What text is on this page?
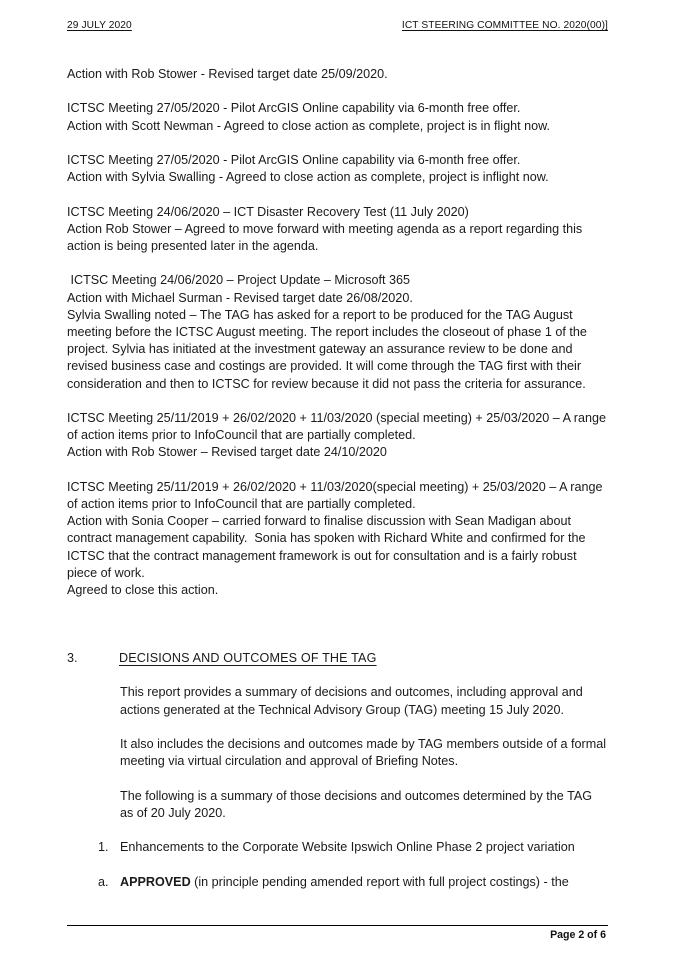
29 JULY 2020	ICT STEERING COMMITTEE NO. 2020(00)]

Action with Rob Stower - Revised target date 25/09/2020.

ICTSC Meeting 27/05/2020 - Pilot ArcGIS Online capability via 6-month free offer.
Action with Scott Newman - Agreed to close action as complete, project is in flight now.

ICTSC Meeting 27/05/2020 - Pilot ArcGIS Online capability via 6-month free offer.
Action with Sylvia Swalling - Agreed to close action as complete, project is inflight now.

ICTSC Meeting 24/06/2020 – ICT Disaster Recovery Test (11 July 2020)
Action Rob Stower – Agreed to move forward with meeting agenda as a report regarding this action is being presented later in the agenda.

ICTSC Meeting 24/06/2020 – Project Update – Microsoft 365
Action with Michael Surman - Revised target date 26/08/2020.
Sylvia Swalling noted – The TAG has asked for a report to be produced for the TAG August meeting before the ICTSC August meeting. The report includes the closeout of phase 1 of the project. Sylvia has initiated at the investment gateway an assurance review to be done and revised business case and costings are provided. It will come through the TAG first with their consideration and then to ICTSC for review because it did not pass the criteria for assurance.

ICTSC Meeting 25/11/2019 + 26/02/2020 + 11/03/2020 (special meeting) + 25/03/2020 – A range of action items prior to InfoCouncil that are partially completed.
Action with Rob Stower – Revised target date 24/10/2020

ICTSC Meeting 25/11/2019 + 26/02/2020 + 11/03/2020(special meeting) + 25/03/2020 – A range of action items prior to InfoCouncil that are partially completed.
Action with Sonia Cooper – carried forward to finalise discussion with Sean Madigan about contract management capability.  Sonia has spoken with Richard White and confirmed for the ICTSC that the contract management framework is out for consultation and is a fairly robust piece of work.
Agreed to close this action.

3.	DECISIONS AND OUTCOMES OF THE TAG

This report provides a summary of decisions and outcomes, including approval and actions generated at the Technical Advisory Group (TAG) meeting 15 July 2020.

It also includes the decisions and outcomes made by TAG members outside of a formal meeting via virtual circulation and approval of Briefing Notes.

The following is a summary of those decisions and outcomes determined by the TAG as of 20 July 2020.

1. Enhancements to the Corporate Website Ipswich Online Phase 2 project variation
a. APPROVED (in principle pending amended report with full project costings) - the
Page 2 of 6
